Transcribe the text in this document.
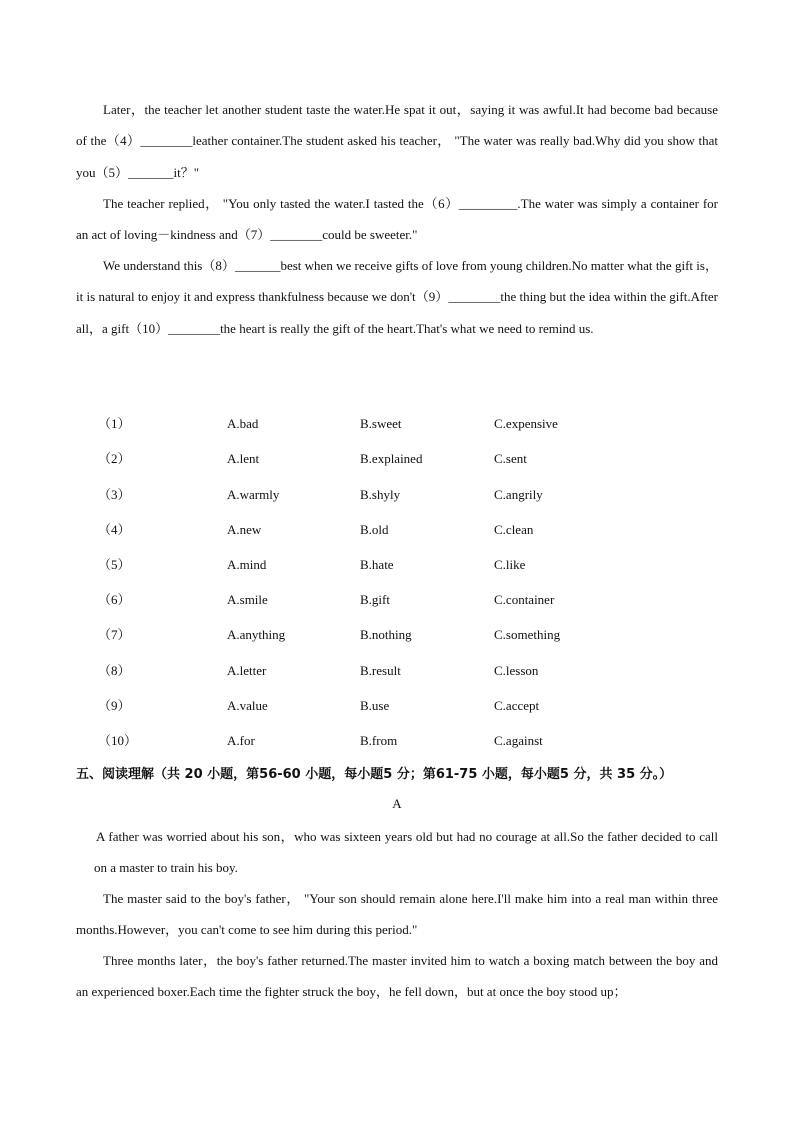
Later，the teacher let another student taste the water.He spat it out，saying it was awful.It had become bad because of the（4）________leather container.The student asked his teacher， "The water was really bad.Why did you show that you（5）_______it？"

The teacher replied， "You only tasted the water.I tasted the（6）_________.The water was simply a container for an act of loving－kindness and（7）________could be sweeter."

We understand this（8）_______best when we receive gifts of love from young children.No matter what the gift is，it is natural to enjoy it and express thankfulness because we don't（9）________the thing but the idea within the gift.After all，a gift（10）________the heart is really the gift of the heart.That's what we need to remind us.

（1）	A.bad	B.sweet	C.expensive
（2）	A.lent	B.explained	C.sent
（3）	A.warmly	B.shyly	C.angrily
（4）	A.new	B.old	C.clean
（5）	A.mind	B.hate	C.like
（6）	A.smile	B.gift	C.container
（7）	A.anything	B.nothing	C.something
（8）	A.letter	B.result	C.lesson
（9）	A.value	B.use	C.accept
（10）	A.for	B.from	C.against
五、阅读理解（共 20 小题，第56-60 小题，每小题5 分；第61-75 小题，每小题5 分，共 35 分。）
A

A father was worried about his son，who was sixteen years old but had no courage at all.So the father decided to call on a master to train his boy.

The master said to the boy's father， "Your son should remain alone here.I'll make him into a real man within three months.However，you can't come to see him during this period."

Three months later，the boy's father returned.The master invited him to watch a boxing match between the boy and an experienced boxer.Each time the fighter struck the boy，he fell down，but at once the boy stood up；
